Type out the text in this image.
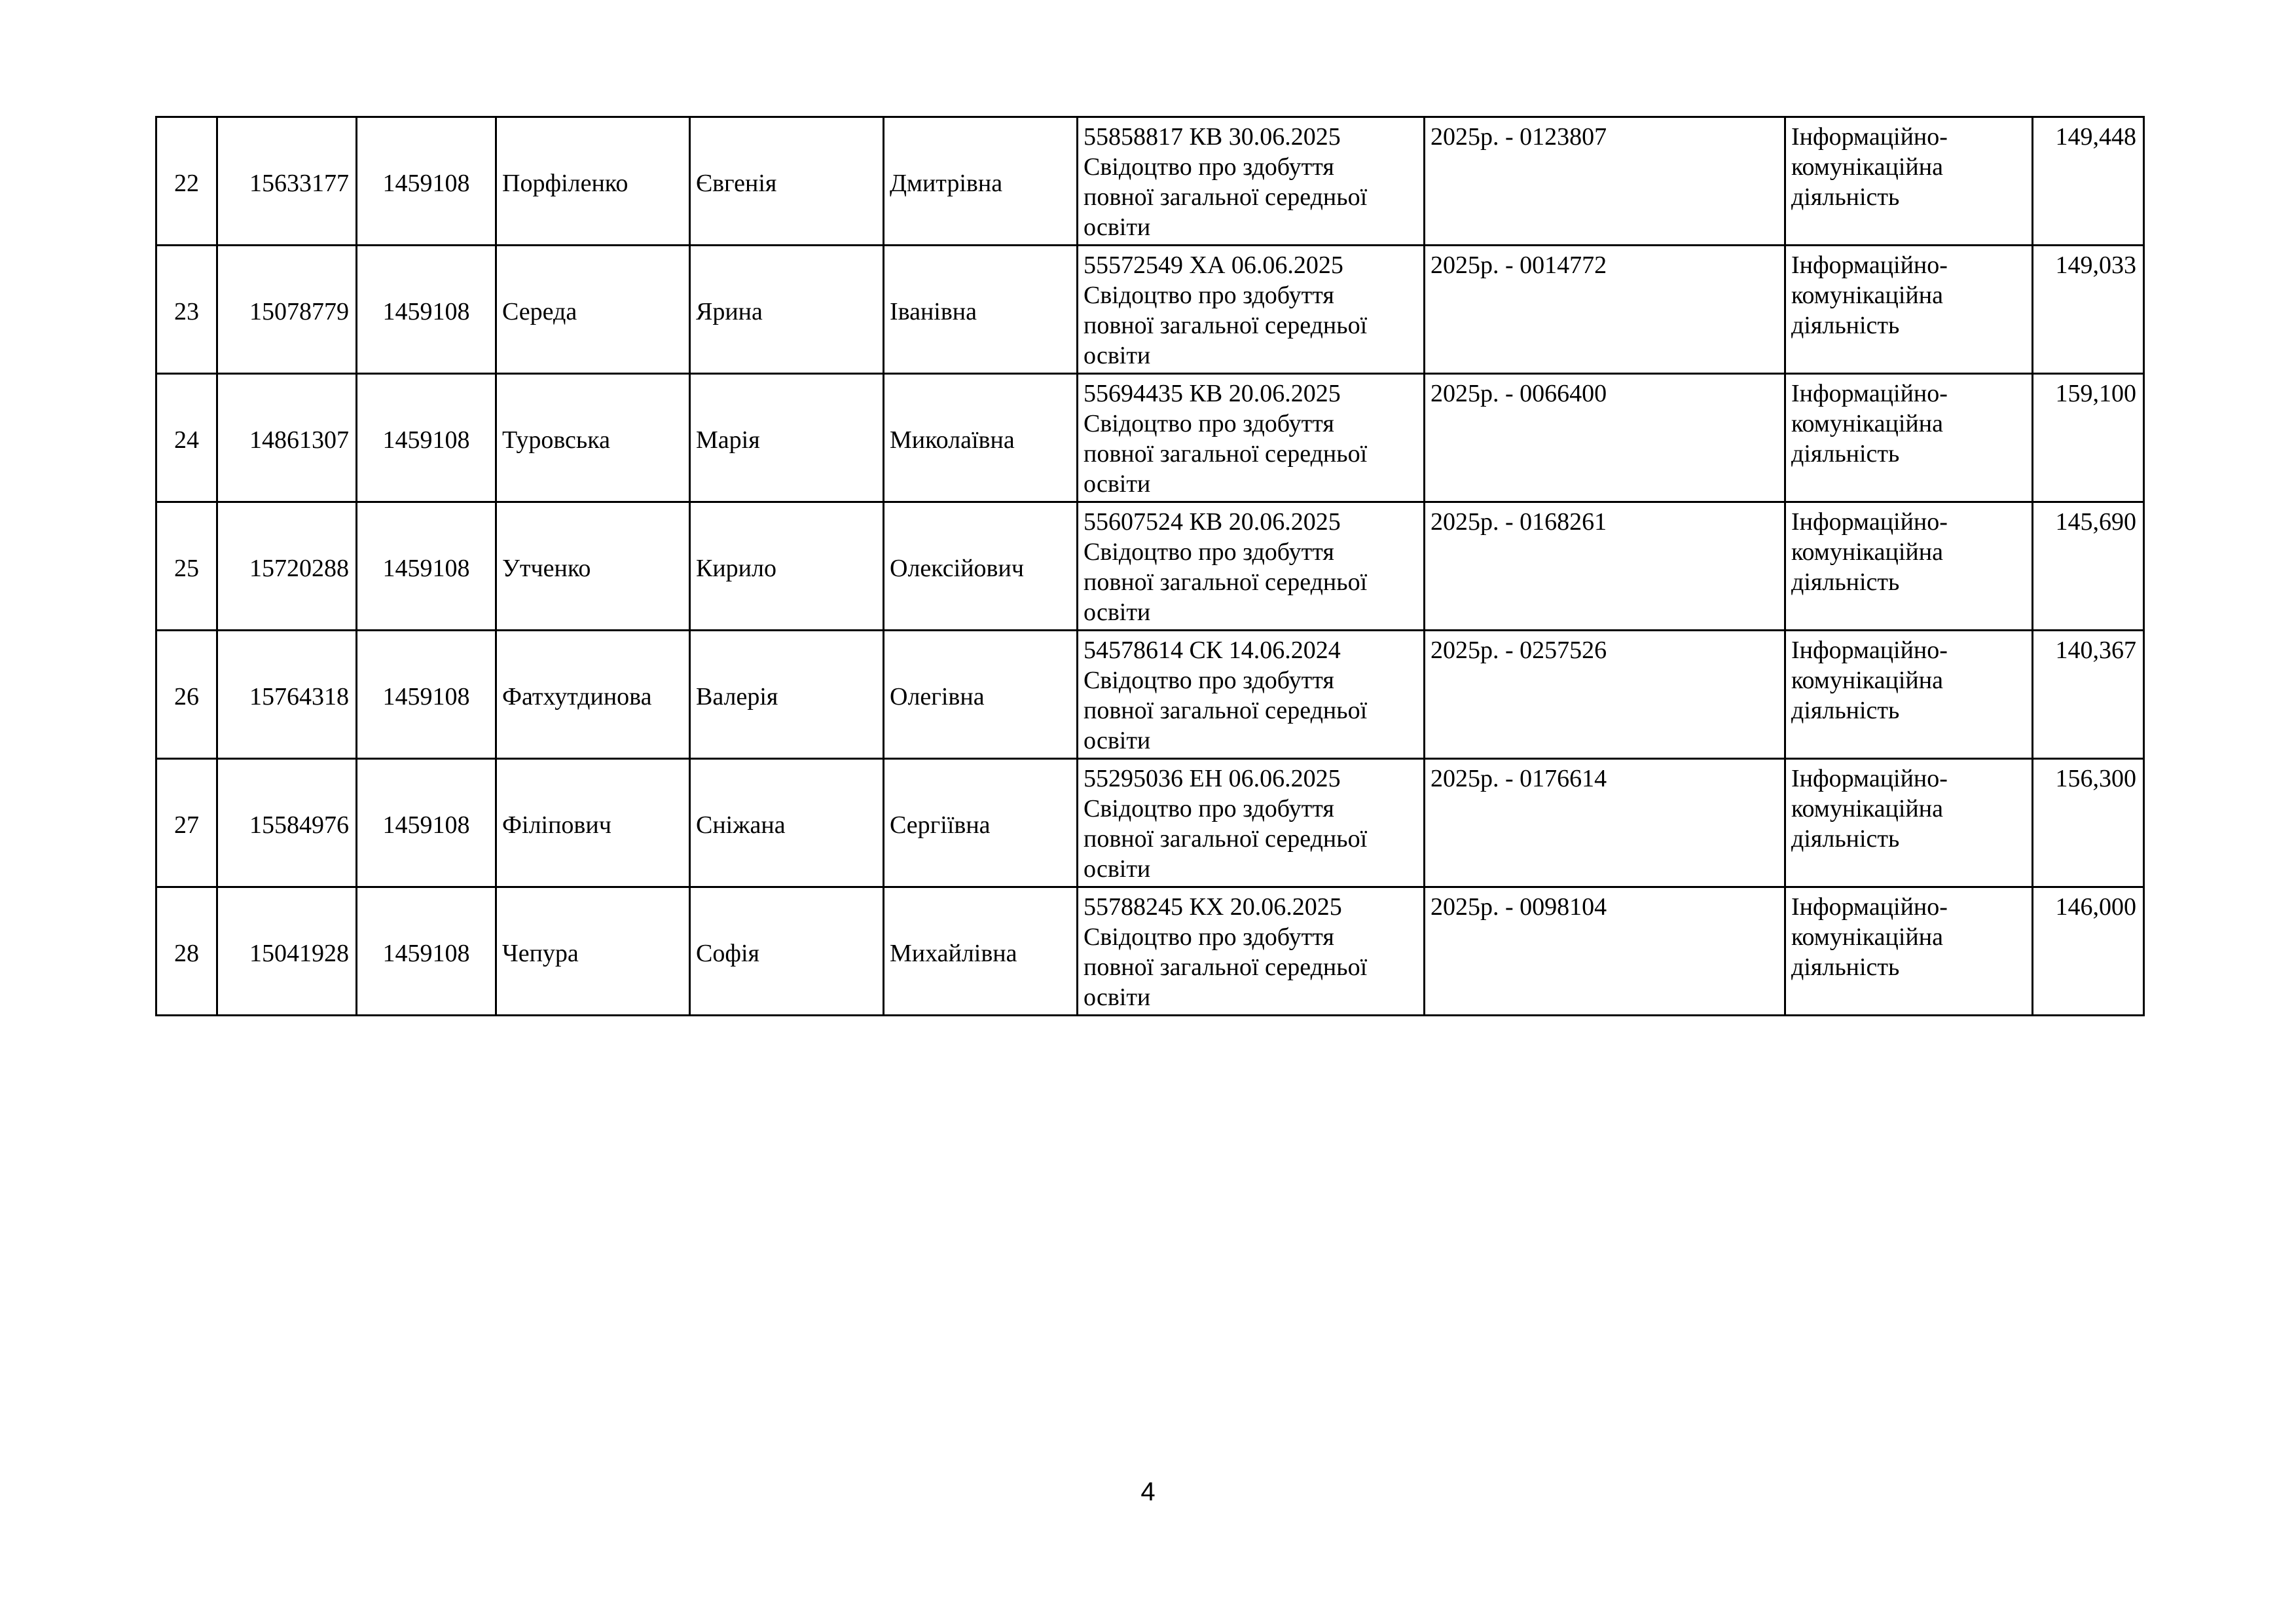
22	15633177	1459108	Порфіленко	Євгенія	Дмитрівна	55858817 КВ 30.06.2025
Свідоцтво про здобуття
повної загальної середньої
освіти	2025р. - 0123807	Інформаційно-
комунікаційна
діяльність	149,448
23	15078779	1459108	Середа	Ярина	Іванівна	55572549 ХА 06.06.2025
Свідоцтво про здобуття
повної загальної середньої
освіти	2025р. - 0014772	Інформаційно-
комунікаційна
діяльність	149,033
24	14861307	1459108	Туровська	Марія	Миколаївна	55694435 КВ 20.06.2025
Свідоцтво про здобуття
повної загальної середньої
освіти	2025р. - 0066400	Інформаційно-
комунікаційна
діяльність	159,100
25	15720288	1459108	Утченко	Кирило	Олексійович	55607524 КВ 20.06.2025
Свідоцтво про здобуття
повної загальної середньої
освіти	2025р. - 0168261	Інформаційно-
комунікаційна
діяльність	145,690
26	15764318	1459108	Фатхутдинова	Валерія	Олегівна	54578614 СК 14.06.2024
Свідоцтво про здобуття
повної загальної середньої
освіти	2025р. - 0257526	Інформаційно-
комунікаційна
діяльність	140,367
27	15584976	1459108	Філіпович	Сніжана	Сергіївна	55295036 ЕН 06.06.2025
Свідоцтво про здобуття
повної загальної середньої
освіти	2025р. - 0176614	Інформаційно-
комунікаційна
діяльність	156,300
28	15041928	1459108	Чепура	Софія	Михайлівна	55788245 КХ 20.06.2025
Свідоцтво про здобуття
повної загальної середньої
освіти	2025р. - 0098104	Інформаційно-
комунікаційна
діяльність	146,000
4
